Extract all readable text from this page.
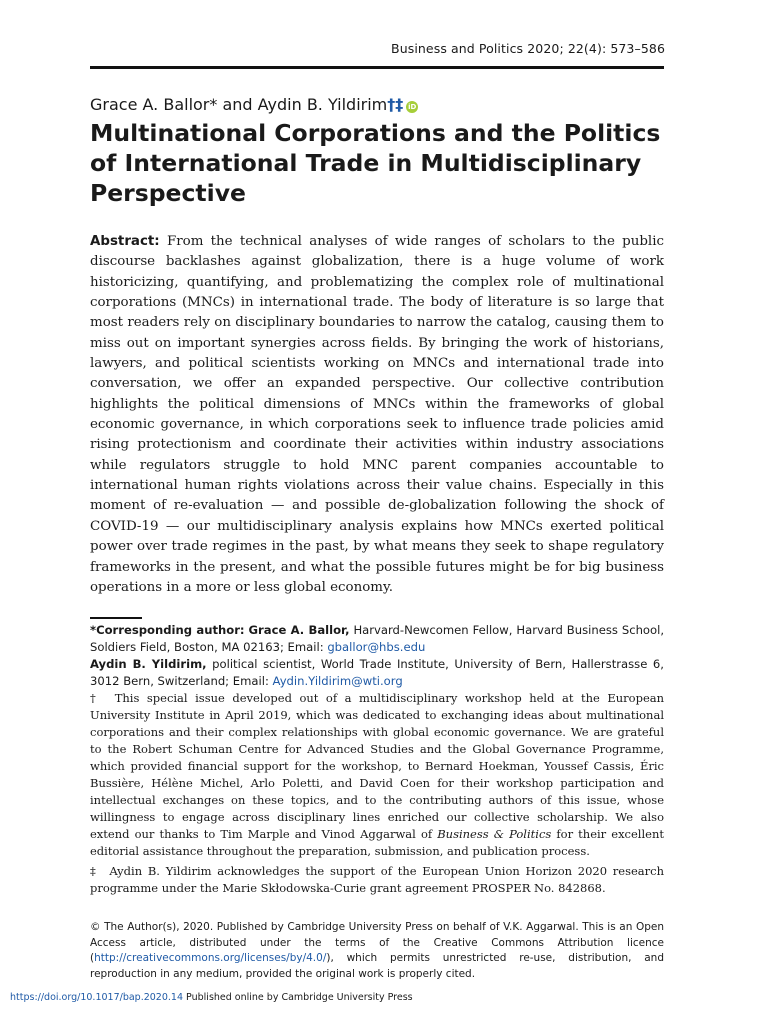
Business and Politics 2020; 22(4): 573–586
Grace A. Ballor* and Aydin B. Yildirim†‡ iD
Multinational Corporations and the Politics of International Trade in Multidisciplinary Perspective

Abstract: From the technical analyses of wide ranges of scholars to the public discourse backlashes against globalization, there is a huge volume of work historicizing, quantifying, and problematizing the complex role of multinational corporations (MNCs) in international trade. The body of literature is so large that most readers rely on disciplinary boundaries to narrow the catalog, causing them to miss out on important synergies across fields. By bringing the work of historians, lawyers, and political scientists working on MNCs and international trade into conversation, we offer an expanded perspective. Our collective contribution highlights the political dimensions of MNCs within the frameworks of global economic governance, in which corporations seek to influence trade policies amid rising protectionism and coordinate their activities within industry associations while regulators struggle to hold MNC parent companies accountable to international human rights violations across their value chains. Especially in this moment of re-evaluation — and possible de-globalization following the shock of COVID-19 — our multidisciplinary analysis explains how MNCs exerted political power over trade regimes in the past, by what means they seek to shape regulatory frameworks in the present, and what the possible futures might be for big business operations in a more or less global economy.

*Corresponding author: Grace A. Ballor, Harvard-Newcomen Fellow, Harvard Business School, Soldiers Field, Boston, MA 02163; Email: gballor@hbs.edu

Aydin B. Yildirim, political scientist, World Trade Institute, University of Bern, Hallerstrasse 6, 3012 Bern, Switzerland; Email: Aydin.Yildirim@wti.org

† This special issue developed out of a multidisciplinary workshop held at the European University Institute in April 2019, which was dedicated to exchanging ideas about multinational corporations and their complex relationships with global economic governance. We are grateful to the Robert Schuman Centre for Advanced Studies and the Global Governance Programme, which provided financial support for the workshop, to Bernard Hoekman, Youssef Cassis, Éric Bussière, Hélène Michel, Arlo Poletti, and David Coen for their workshop participation and intellectual exchanges on these topics, and to the contributing authors of this issue, whose willingness to engage across disciplinary lines enriched our collective scholarship. We also extend our thanks to Tim Marple and Vinod Aggarwal of Business & Politics for their excellent editorial assistance throughout the preparation, submission, and publication process.

‡ Aydin B. Yildirim acknowledges the support of the European Union Horizon 2020 research programme under the Marie Skłodowska-Curie grant agreement PROSPER No. 842868.

© The Author(s), 2020. Published by Cambridge University Press on behalf of V.K. Aggarwal. This is an Open Access article, distributed under the terms of the Creative Commons Attribution licence (http://creativecommons.org/licenses/by/4.0/), which permits unrestricted re-use, distribution, and reproduction in any medium, provided the original work is properly cited.

https://doi.org/10.1017/bap.2020.14 Published online by Cambridge University Press
